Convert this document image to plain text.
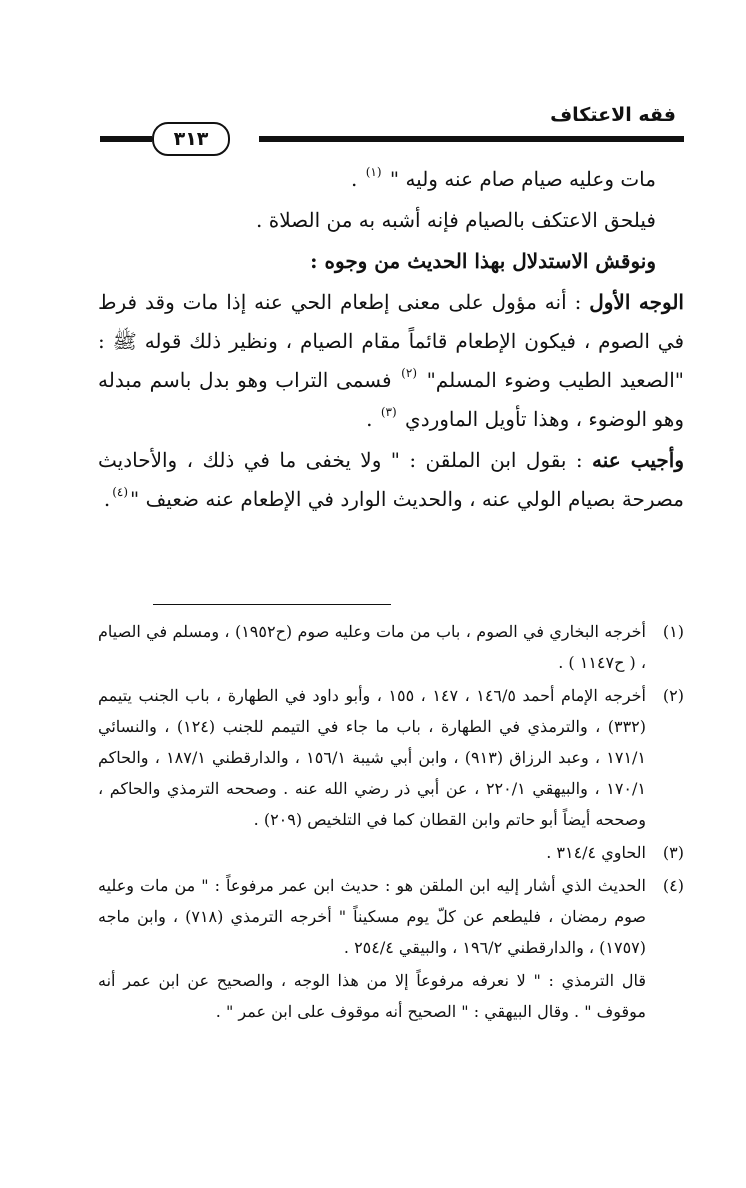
فقه الاعتكاف
٣١٣

مات وعليه صيام صام عنه وليه " $^{(١)}$ .

فيلحق الاعتكف بالصيام فإنه أشبه به من الصلاة .

ونوقش الاستدلال بهذا الحديث من وجوه :

الوجه الأول : أنه مؤول على معنى إطعام الحي عنه إذا مات وقد فرط في الصوم ، فيكون الإطعام قائماً مقام الصيام ، ونظير ذلك قوله ﷺ : "الصعيد الطيب وضوء المسلم" $^{(٢)}$ فسمى التراب وهو بدل باسم مبدله وهو الوضوء ، وهذا تأويل الماوردي $^{(٣)}$ .

وأجيب عنه : بقول ابن الملقن : " ولا يخفى ما في ذلك ، والأحاديث مصرحة بصيام الولي عنه ، والحديث الوارد في الإطعام عنه ضعيف "$^{(٤)}$.

(١)
أخرجه البخاري في الصوم ، باب من مات وعليه صوم (ح١٩٥٢) ، ومسلم في الصيام ، ( ح١١٤٧ ) .
(٢)
أخرجه الإمام أحمد ١٤٦/٥ ، ١٤٧ ، ١٥٥ ، وأبو داود في الطهارة ، باب الجنب يتيمم (٣٣٢) ، والترمذي في الطهارة ، باب ما جاء في التيمم للجنب (١٢٤) ، والنسائي ١٧١/١ ، وعبد الرزاق (٩١٣) ، وابن أبي شيبة ١٥٦/١ ، والدارقطني ١٨٧/١ ، والحاكم ١٧٠/١ ، والبيهقي ٢٢٠/١ ، عن أبي ذر رضي الله عنه . وصححه الترمذي والحاكم ، وصححه أيضاً أبو حاتم وابن القطان كما في التلخيص (٢٠٩) .
(٣)
الحاوي ٣١٤/٤ .
(٤)
الحديث الذي أشار إليه ابن الملقن هو : حديث ابن عمر مرفوعاً : " من مات وعليه صوم رمضان ، فليطعم عن كلّ يوم مسكيناً " أخرجه الترمذي (٧١٨) ، وابن ماجه (١٧٥٧) ، والدارقطني ١٩٦/٢ ، والبيقي ٢٥٤/٤ .
قال الترمذي : " لا نعرفه مرفوعاً إلا من هذا الوجه ، والصحيح عن ابن عمر أنه موقوف " . وقال البيهقي : " الصحيح أنه موقوف على ابن عمر " .
